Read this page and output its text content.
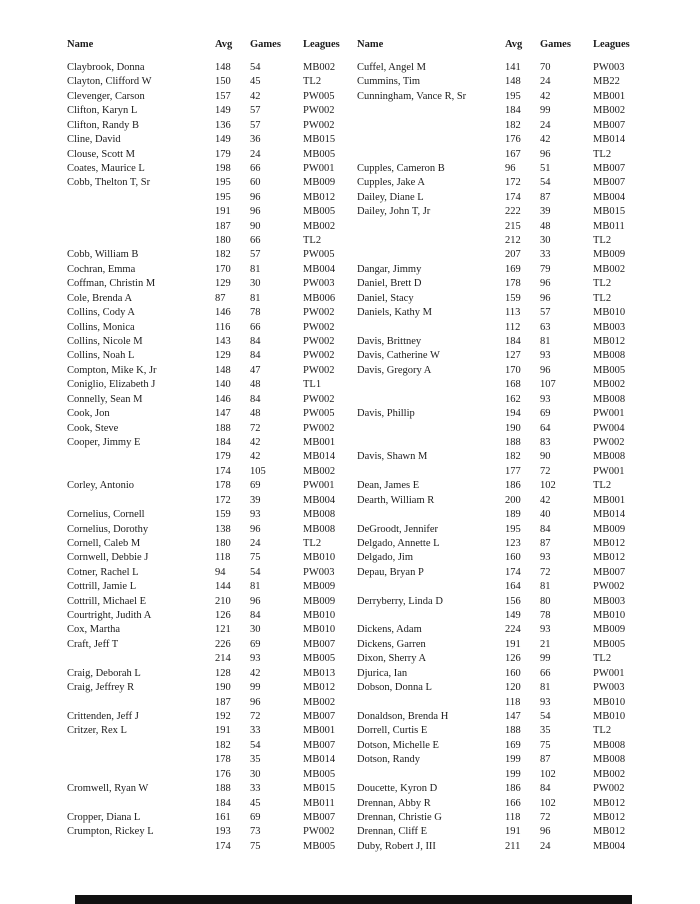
Name	Avg	Games	Leagues
Claybrook, Donna	148	54	MB002
Clayton, Clifford W	150	45	TL2
Clevenger, Carson	157	42	PW005
Clifton, Karyn L	149	57	PW002
Clifton, Randy B	136	57	PW002
Cline, David	149	36	MB015
Clouse, Scott M	179	24	MB005
Coates, Maurice L	198	66	PW001
Cobb, Thelton T, Sr	195	60	MB009
195	96	MB012
191	96	MB005
187	90	MB002
180	66	TL2
Cobb, William B	182	57	PW005
Cochran, Emma	170	81	MB004
Coffman, Christin M	129	30	PW003
Cole, Brenda A	87	81	MB006
Collins, Cody A	146	78	PW002
Collins, Monica	116	66	PW002
Collins, Nicole M	143	84	PW002
Collins, Noah L	129	84	PW002
Compton, Mike K, Jr	148	47	PW002
Coniglio, Elizabeth J	140	48	TL1
Connelly, Sean M	146	84	PW002
Cook, Jon	147	48	PW005
Cook, Steve	188	72	PW002
Cooper, Jimmy E	184	42	MB001
179	42	MB014
174	105	MB002
Corley, Antonio	178	69	PW001
172	39	MB004
Cornelius, Cornell	159	93	MB008
Cornelius, Dorothy	138	96	MB008
Cornell, Caleb M	180	24	TL2
Cornwell, Debbie J	118	75	MB010
Cotner, Rachel L	94	54	PW003
Cottrill, Jamie L	144	81	MB009
Cottrill, Michael E	210	96	MB009
Courtright, Judith A	126	84	MB010
Cox, Martha	121	30	MB010
Craft, Jeff T	226	69	MB007
214	93	MB005
Craig, Deborah L	128	42	MB013
Craig, Jeffrey R	190	99	MB012
187	96	MB002
Crittenden, Jeff J	192	72	MB007
Critzer, Rex L	191	33	MB001
182	54	MB007
178	35	MB014
176	30	MB005
Cromwell, Ryan W	188	33	MB015
184	45	MB011
Cropper, Diana L	161	69	MB007
Crumpton, Rickey L	193	73	PW002
174	75	MB005
Name	Avg	Games	Leagues
Cuffel, Angel M	141	70	PW003
Cummins, Tim	148	24	MB22
Cunningham, Vance R, Sr	195	42	MB001
184	99	MB002
182	24	MB007
176	42	MB014
167	96	TL2
Cupples, Cameron B	96	51	MB007
Cupples, Jake A	172	54	MB007
Dailey, Diane L	174	87	MB004
Dailey, John T, Jr	222	39	MB015
215	48	MB011
212	30	TL2
207	33	MB009
Dangar, Jimmy	169	79	MB002
Daniel, Brett D	178	96	TL2
Daniel, Stacy	159	96	TL2
Daniels, Kathy M	113	57	MB010
112	63	MB003
Davis, Brittney	184	81	MB012
Davis, Catherine W	127	93	MB008
Davis, Gregory A	170	96	MB005
168	107	MB002
162	93	MB008
Davis, Phillip	194	69	PW001
190	64	PW004
188	83	PW002
Davis, Shawn M	182	90	MB008
177	72	PW001
Dean, James E	186	102	TL2
Dearth, William R	200	42	MB001
189	40	MB014
DeGroodt, Jennifer	195	84	MB009
Delgado, Annette L	123	87	MB012
Delgado, Jim	160	93	MB012
Depau, Bryan P	174	72	MB007
164	81	PW002
Derryberry, Linda D	156	80	MB003
149	78	MB010
Dickens, Adam	224	93	MB009
Dickens, Garren	191	21	MB005
Dixon, Sherry A	126	99	TL2
Djurica, Ian	160	66	PW001
Dobson, Donna L	120	81	PW003
118	93	MB010
Donaldson, Brenda H	147	54	MB010
Dorrell, Curtis E	188	35	TL2
Dotson, Michelle E	169	75	MB008
Dotson, Randy	199	87	MB008
199	102	MB002
Doucette, Kyron D	186	84	PW002
Drennan, Abby R	166	102	MB012
Drennan, Christie G	118	72	MB012
Drennan, Cliff E	191	96	MB012
Duby, Robert J, III	211	24	MB004
